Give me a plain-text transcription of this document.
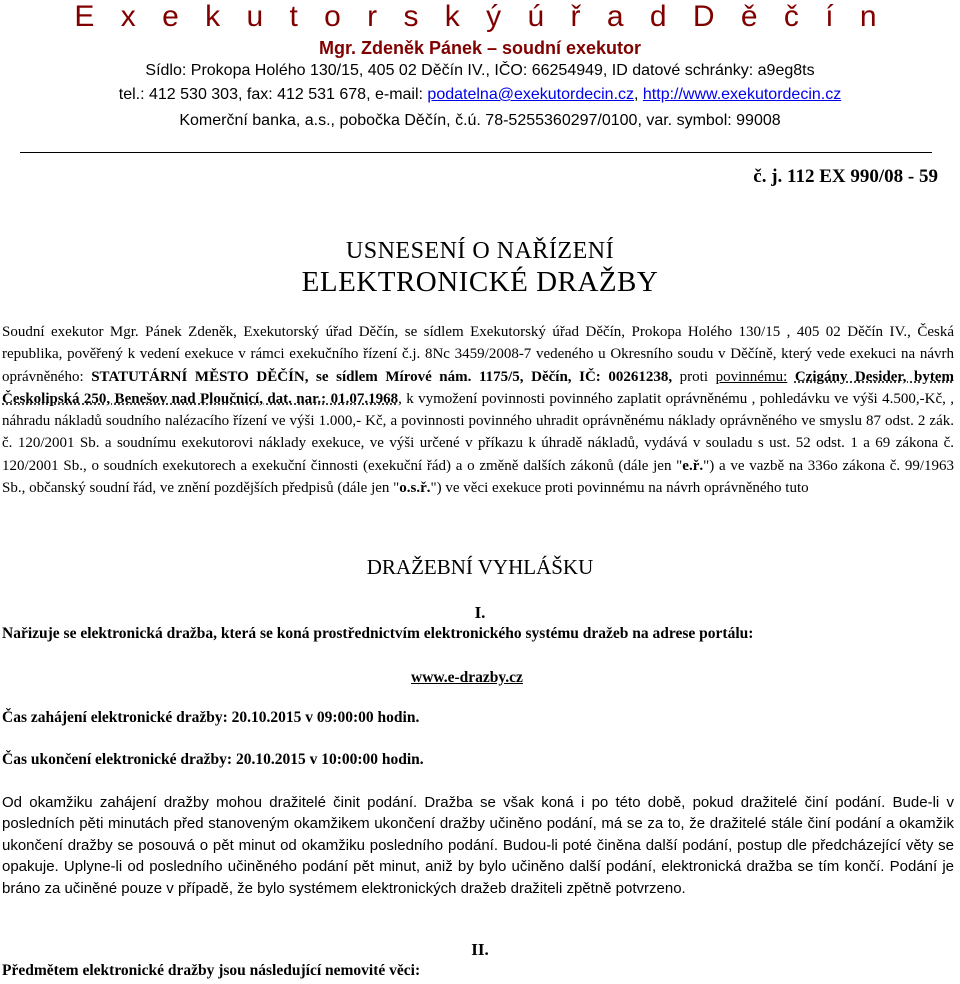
E x e k u t o r s k ý ú ř a d D ě č í n
Mgr. Zdeněk Pánek – soudní exekutor
Sídlo: Prokopa Holého 130/15, 405 02 Děčín IV., IČO: 66254949, ID datové schránky: a9eg8ts
tel.: 412 530 303, fax: 412 531 678, e-mail: podatelna@exekutordecin.cz, http://www.exekutordecin.cz
Komerční banka, a.s., pobočka Děčín, č.ú. 78-5255360297/0100, var. symbol: 99008
č. j. 112 EX 990/08 - 59
USNESENÍ O NAŘÍZENÍ
ELEKTRONICKÉ DRAŽBY
Soudní exekutor Mgr. Pánek Zdeněk, Exekutorský úřad Děčín, se sídlem Exekutorský úřad Děčín, Prokopa Holého 130/15 , 405 02 Děčín IV., Česká republika, pověřený k vedení exekuce v rámci exekučního řízení č.j. 8Nc 3459/2008-7 vedeného u Okresního soudu v Děčíně, který vede exekuci na návrh oprávněného: STATUTÁRNÍ MĚSTO DĚČÍN, se sídlem Mírové nám. 1175/5, Děčín, IČ: 00261238, proti povinnému: Czigány Desider, bytem Českolipská 250, Benešov nad Ploučnicí, dat. nar.: 01.07.1968, k vymožení povinnosti povinného zaplatit oprávněnému , pohledávku ve výši 4.500,-Kč, , náhradu nákladů soudního nalézacího řízení ve výši 1.000,- Kč, a povinnosti povinného uhradit oprávněnému náklady oprávněného ve smyslu 87 odst. 2 zák. č. 120/2001 Sb. a soudnímu exekutorovi náklady exekuce, ve výši určené v příkazu k úhradě nákladů, vydává v souladu s ust. 52 odst. 1 a 69 zákona č. 120/2001 Sb., o soudních exekutorech a exekuční činnosti (exekuční řád) a o změně dalších zákonů (dále jen "e.ř.") a ve vazbě na 336o zákona č. 99/1963 Sb., občanský soudní řád, ve znění pozdějších předpisů (dále jen "o.s.ř.") ve věci exekuce proti povinnému na návrh oprávněného tuto
DRAŽEBNÍ VYHLÁŠKU
I.
Nařizuje se elektronická dražba, která se koná prostřednictvím elektronického systému dražeb na adrese portálu:
www.e-drazby.cz
Čas zahájení elektronické dražby: 20.10.2015 v 09:00:00 hodin.
Čas ukončení elektronické dražby: 20.10.2015 v 10:00:00 hodin.
Od okamžiku zahájení dražby mohou dražitelé činit podání. Dražba se však koná i po této době, pokud dražitelé činí podání. Bude-li v posledních pěti minutách před stanoveným okamžikem ukončení dražby učiněno podání, má se za to, že dražitelé stále činí podání a okamžik ukončení dražby se posouvá o pět minut od okamžiku posledního podání. Budou-li poté činěna další podání, postup dle předcházející věty se opakuje. Uplyne-li od posledního učiněného podání pět minut, aniž by bylo učiněno další podání, elektronická dražba se tím končí. Podání je bráno za učiněné pouze v případě, že bylo systémem elektronických dražeb dražiteli zpětně potvrzeno.
II.
Předmětem elektronické dražby jsou následující nemovité věci:
